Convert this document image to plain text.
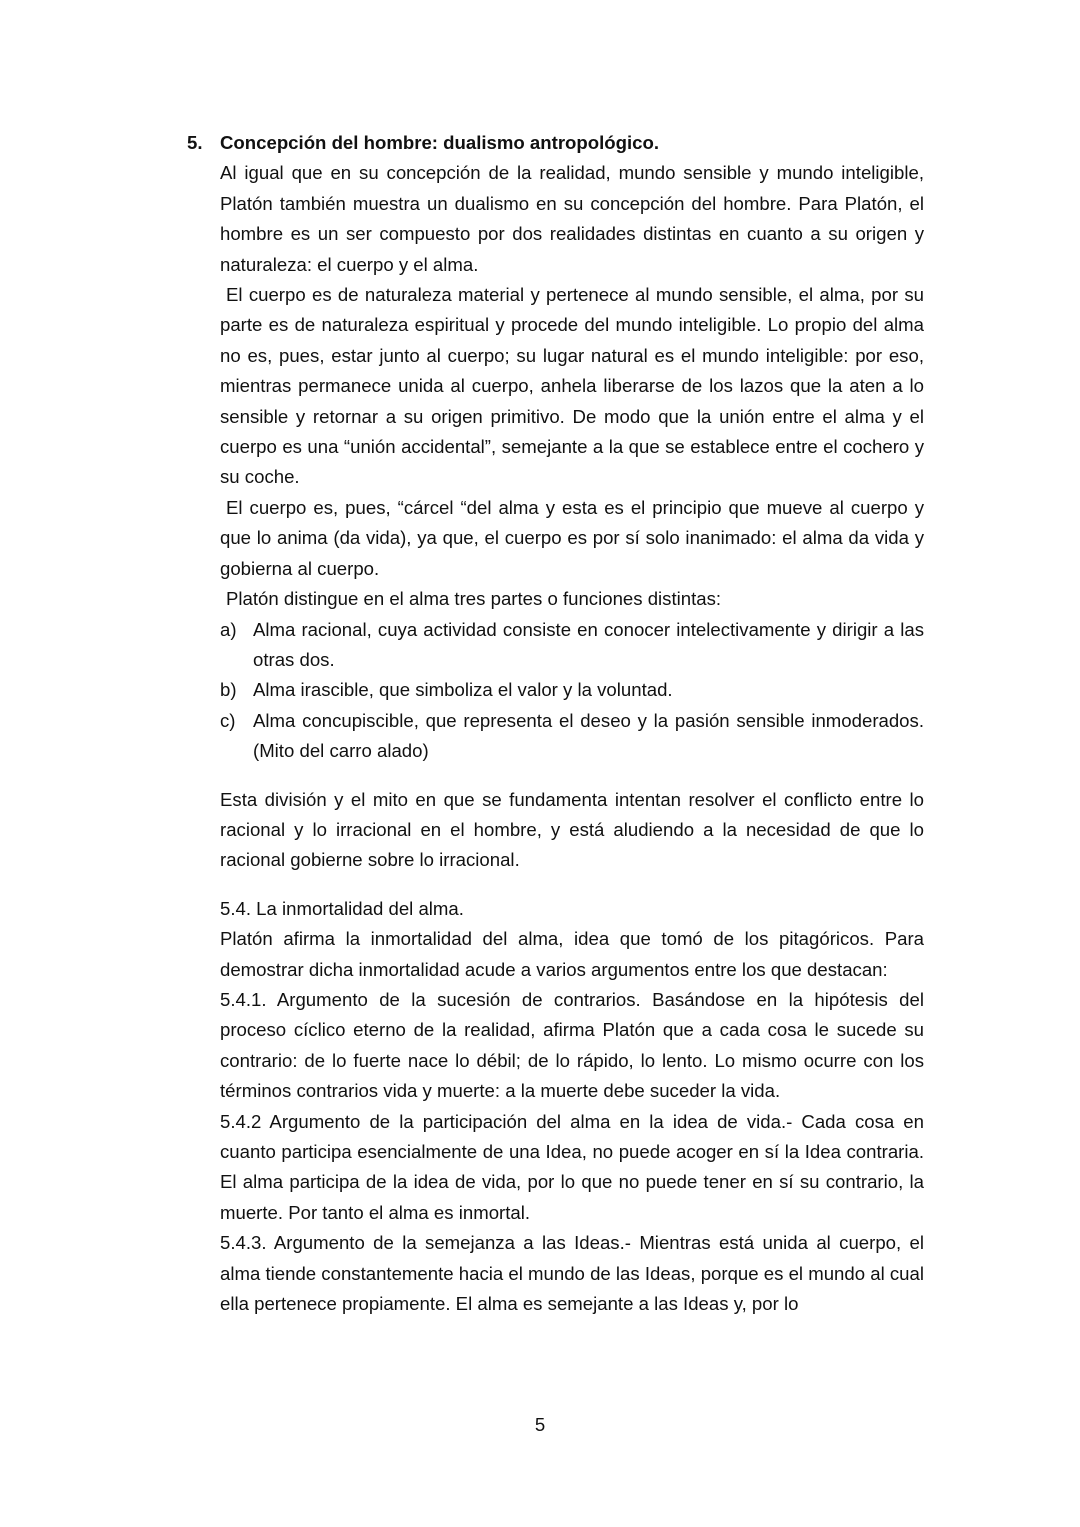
5. Concepción del hombre: dualismo antropológico.

Al igual que en su concepción de la realidad, mundo sensible y mundo inteligible, Platón también muestra un dualismo en su concepción del hombre. Para Platón, el hombre es un ser compuesto por dos realidades distintas en cuanto a su origen y naturaleza: el cuerpo y el alma.

El cuerpo es de naturaleza material y pertenece al mundo sensible, el alma, por su parte es de naturaleza espiritual y procede del mundo inteligible. Lo propio del alma no es, pues, estar junto al cuerpo; su lugar natural es el mundo inteligible: por eso, mientras permanece unida al cuerpo, anhela liberarse de los lazos que la aten a lo sensible y retornar a su origen primitivo. De modo que la unión entre el alma y el cuerpo es una “unión accidental”, semejante a la que se establece entre el cochero y su coche.

El cuerpo es, pues, “cárcel “del alma y esta es el principio que mueve al cuerpo y que lo anima (da vida), ya que, el cuerpo es por sí solo inanimado: el alma da vida y gobierna al cuerpo.

Platón distingue en el alma tres partes o funciones distintas:

a) Alma racional, cuya actividad consiste en conocer intelectivamente y dirigir a las otras dos.
b) Alma irascible, que simboliza el valor y la voluntad.
c) Alma concupiscible, que representa el deseo y la pasión sensible inmoderados. (Mito del carro alado)

Esta división y el mito en que se fundamenta intentan resolver el conflicto entre lo racional y lo irracional en el hombre, y está aludiendo a la necesidad de que lo racional gobierne sobre lo irracional.

5.4. La inmortalidad del alma.

Platón afirma la inmortalidad del alma, idea que tomó de los pitagóricos. Para demostrar dicha inmortalidad acude a varios argumentos entre los que destacan:

5.4.1. Argumento de la sucesión de contrarios. Basándose en la hipótesis del proceso cíclico eterno de la realidad, afirma Platón que a cada cosa le sucede su contrario: de lo fuerte nace lo débil; de lo rápido, lo lento. Lo mismo ocurre con los términos contrarios vida y muerte: a la muerte debe suceder la vida.

5.4.2 Argumento de la participación del alma en la idea de vida.- Cada cosa en cuanto participa esencialmente de una Idea, no puede acoger en sí la Idea contraria. El alma participa de la idea de vida, por lo que no puede tener en sí su contrario, la muerte. Por tanto el alma es inmortal.

5.4.3. Argumento de la semejanza a las Ideas.- Mientras está unida al cuerpo, el alma tiende constantemente hacia el mundo de las Ideas, porque es el mundo al cual ella pertenece propiamente. El alma es semejante a las Ideas y, por lo

5
